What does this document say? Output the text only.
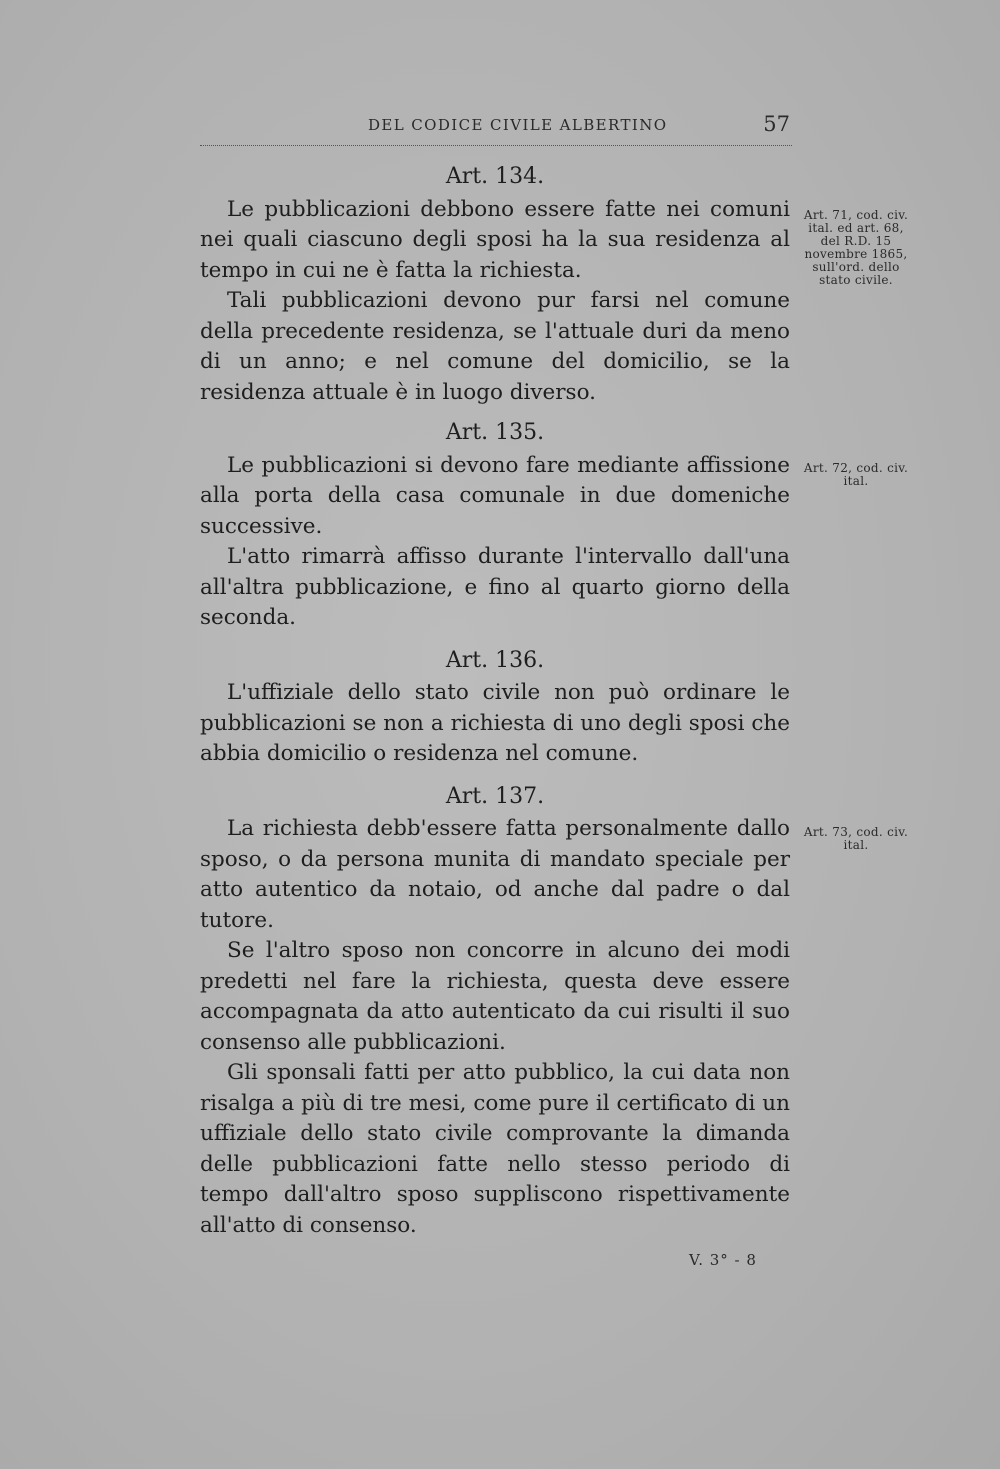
DEL CODICE CIVILE ALBERTINO	57
Art. 134.

Le pubblicazioni debbono essere fatte nei comuni nei quali ciascuno degli sposi ha la sua residenza al tempo in cui ne è fatta la richiesta.

Tali pubblicazioni devono pur farsi nel comune della precedente residenza, se l'attuale duri da meno di un anno; e nel comune del domicilio, se la residenza attuale è in luogo diverso.

Art. 135.

Le pubblicazioni si devono fare mediante affissione alla porta della casa comunale in due domeniche successive.

L'atto rimarrà affisso durante l'intervallo dall'una all'altra pubblicazione, e fino al quarto giorno della seconda.

Art. 136.

L'uffiziale dello stato civile non può ordinare le pubblicazioni se non a richiesta di uno degli sposi che abbia domicilio o residenza nel comune.

Art. 137.

La richiesta debb'essere fatta personalmente dallo sposo, o da persona munita di mandato speciale per atto autentico da notaio, od anche dal padre o dal tutore.

Se l'altro sposo non concorre in alcuno dei modi predetti nel fare la richiesta, questa deve essere accompagnata da atto autenticato da cui risulti il suo consenso alle pubblicazioni.

Gli sponsali fatti per atto pubblico, la cui data non risalga a più di tre mesi, come pure il certificato di un uffiziale dello stato civile comprovante la dimanda delle pubblicazioni fatte nello stesso periodo di tempo dall'altro sposo suppliscono rispettivamente all'atto di consenso.

Art. 71, cod. civ. ital. ed art. 68, del R.D. 15 novembre 1865, sull'ord. dello stato civile.
Art. 72, cod. civ. ital.
Art. 73, cod. civ. ital.
V. 3° - 8
